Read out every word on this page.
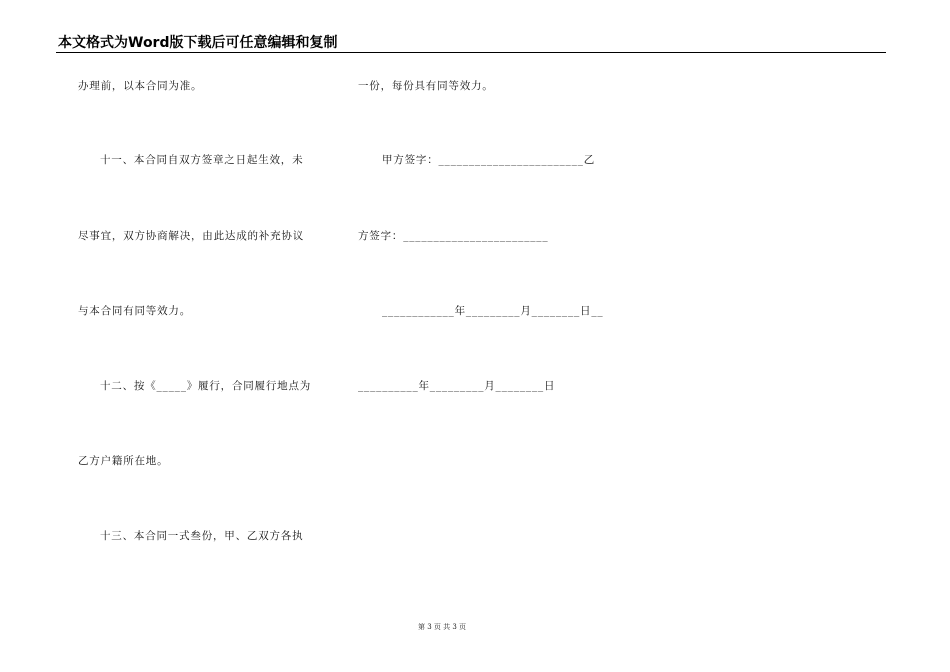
本文格式为Word版下载后可任意编辑和复制
办理前，以本合同为准。
十一、本合同自双方签章之日起生效，未
尽事宜，双方协商解决，由此达成的补充协议
与本合同有同等效力。
十二、按《_____》履行，合同履行地点为
乙方户籍所在地。
十三、本合同一式叁份，甲、乙双方各执
一份，每份具有同等效力。
甲方签字：________________________乙
方签字：________________________
____________年_________月________日__
__________年_________月________日
第 3 页 共 3 页
